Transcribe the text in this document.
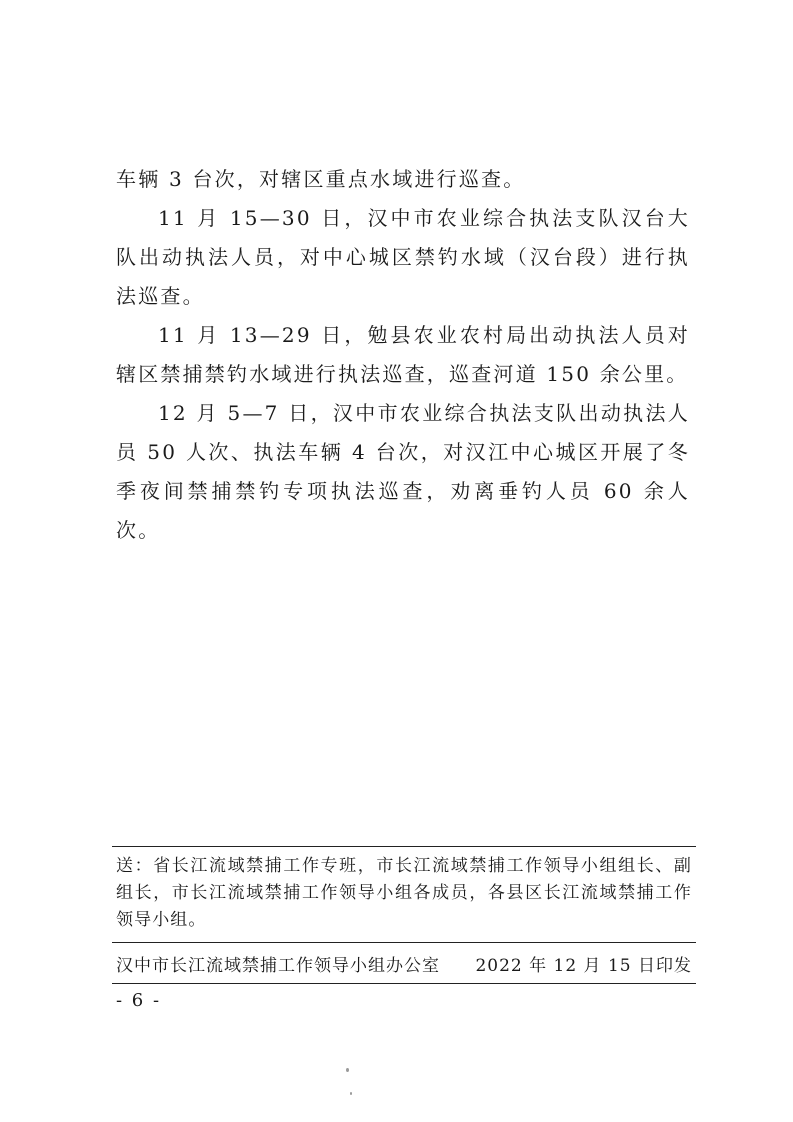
车辆 3 台次，对辖区重点水域进行巡查。

11 月 15—30 日，汉中市农业综合执法支队汉台大队出动执法人员，对中心城区禁钓水域（汉台段）进行执法巡查。

11 月 13—29 日，勉县农业农村局出动执法人员对辖区禁捕禁钓水域进行执法巡查，巡查河道 150 余公里。

12 月 5—7 日，汉中市农业综合执法支队出动执法人员 50 人次、执法车辆 4 台次，对汉江中心城区开展了冬季夜间禁捕禁钓专项执法巡查，劝离垂钓人员 60 余人次。

送：省长江流域禁捕工作专班，市长江流域禁捕工作领导小组组长、副组长，市长江流域禁捕工作领导小组各成员，各县区长江流域禁捕工作领导小组。

汉中市长江流域禁捕工作领导小组办公室 2022 年 12 月 15 日印发
- 6 -
